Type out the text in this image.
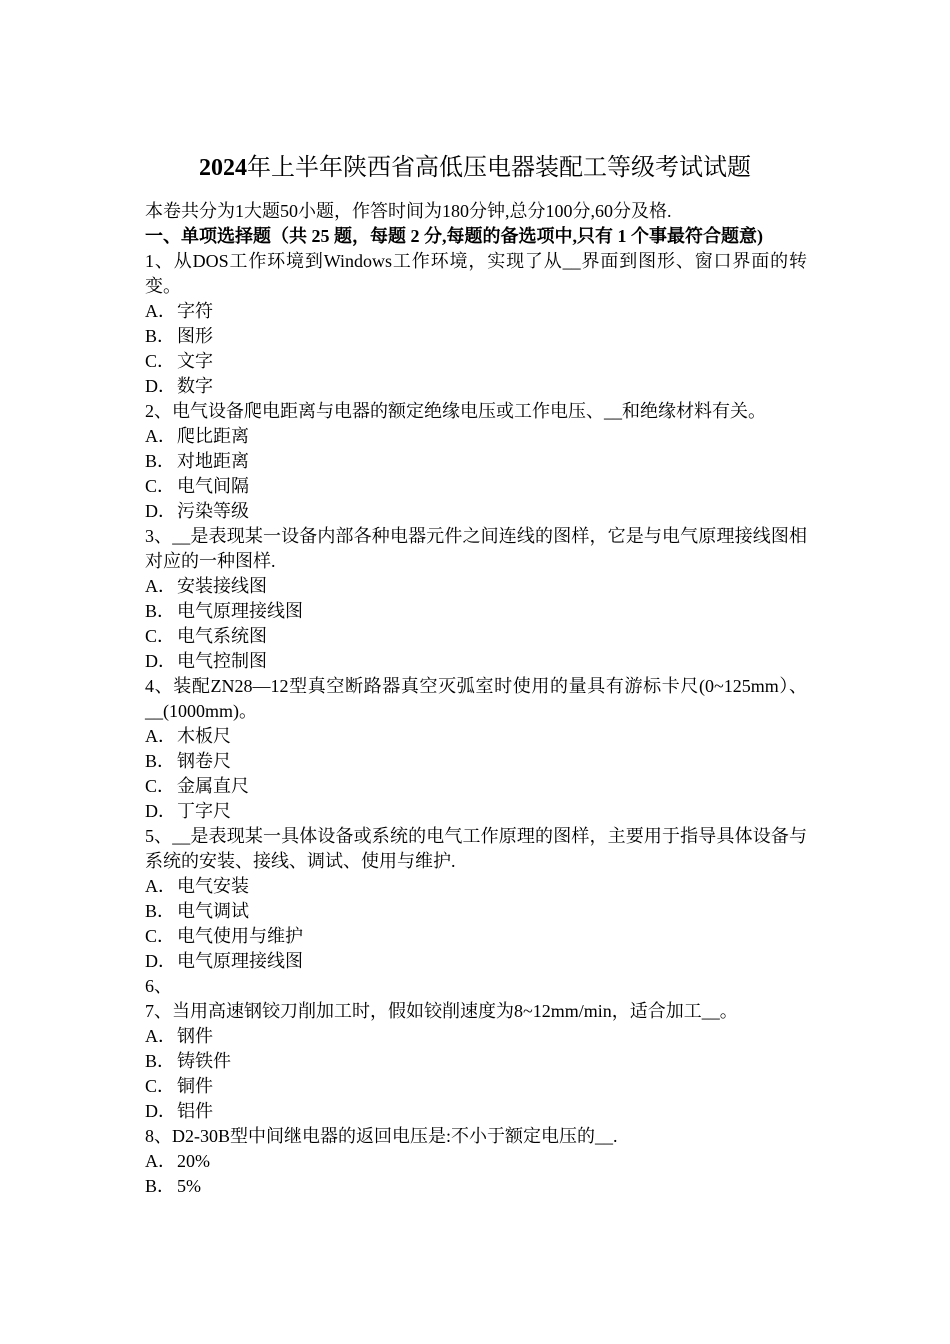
2024年上半年陕西省高低压电器装配工等级考试试题
本卷共分为1大题50小题，作答时间为180分钟,总分100分,60分及格.
一、单项选择题（共 25 题，每题 2 分,每题的备选项中,只有 1 个事最符合题意)
1、从DOS工作环境到Windows工作环境，实现了从__界面到图形、窗口界面的转变。
A．字符
B． 图形
C． 文字
D．数字
2、电气设备爬电距离与电器的额定绝缘电压或工作电压、__和绝缘材料有关。
A．爬比距离
B． 对地距离
C． 电气间隔
D．污染等级
3、__是表现某一设备内部各种电器元件之间连线的图样，它是与电气原理接线图相对应的一种图样.
A．安装接线图
B． 电气原理接线图
C． 电气系统图
D．电气控制图
4、装配ZN28—12型真空断路器真空灭弧室时使用的量具有游标卡尺(0~125mm）、__(1000mm)。
A．木板尺
B． 钢卷尺
C． 金属直尺
D．丁字尺
5、__是表现某一具体设备或系统的电气工作原理的图样，主要用于指导具体设备与系统的安装、接线、调试、使用与维护.
A．电气安装
B． 电气调试
C． 电气使用与维护
D．电气原理接线图
6、
7、当用高速钢铰刀削加工时，假如铰削速度为8~12mm/min，适合加工__。
A．钢件
B． 铸铁件
C． 铜件
D．铝件
8、D2-30B型中间继电器的返回电压是:不小于额定电压的__.
A．20%
B． 5%
